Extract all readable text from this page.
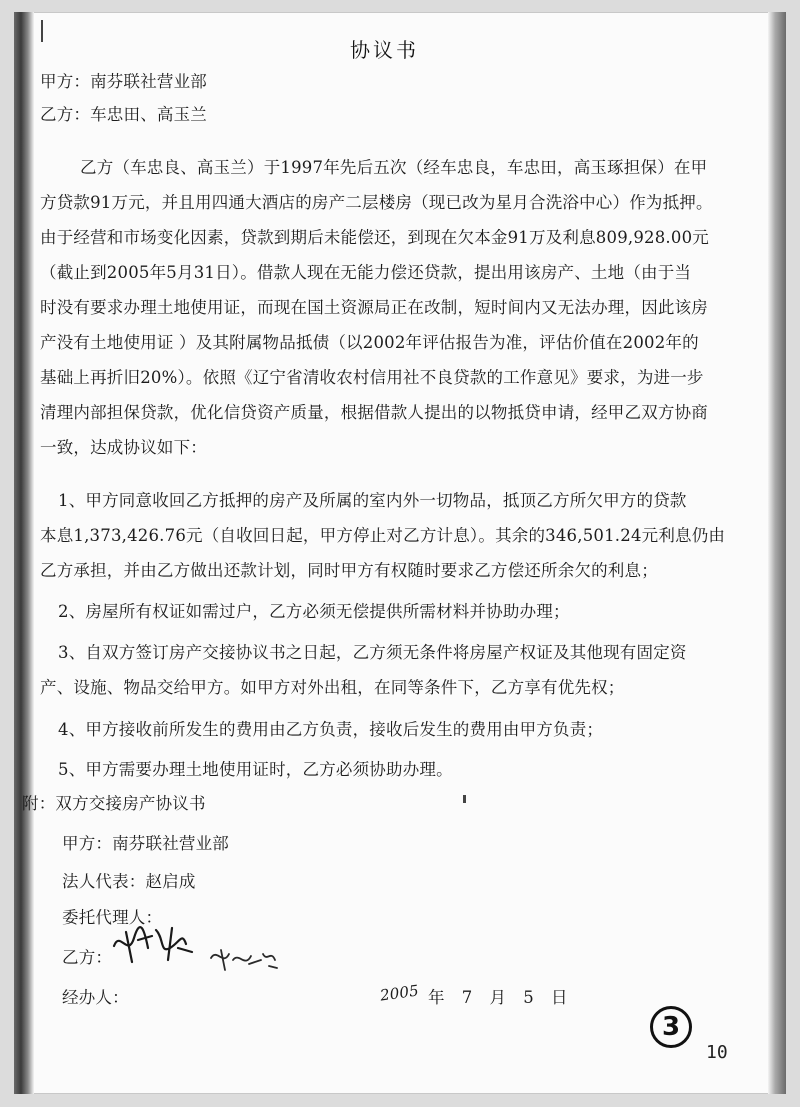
协议书
甲方：南芬联社营业部
乙方：车忠田、高玉兰
乙方（车忠良、高玉兰）于1997年先后五次（经车忠良，车忠田，高玉琢担保）在甲
方贷款91万元，并且用四通大酒店的房产二层楼房（现已改为星月合洗浴中心）作为抵押。
由于经营和市场变化因素，贷款到期后未能偿还，到现在欠本金91万及利息809,928.00元
（截止到2005年5月31日）。借款人现在无能力偿还贷款，提出用该房产、土地（由于当
时没有要求办理土地使用证，而现在国土资源局正在改制，短时间内又无法办理，因此该房
产没有土地使用证 ）及其附属物品抵债（以2002年评估报告为准，评估价值在2002年的
基础上再折旧20%）。依照《辽宁省清收农村信用社不良贷款的工作意见》要求，为进一步
清理内部担保贷款，优化信贷资产质量，根据借款人提出的以物抵贷申请，经甲乙双方协商
一致，达成协议如下：
1、甲方同意收回乙方抵押的房产及所属的室内外一切物品，抵顶乙方所欠甲方的贷款
本息1,373,426.76元（自收回日起，甲方停止对乙方计息）。其余的346,501.24元利息仍由
乙方承担，并由乙方做出还款计划，同时甲方有权随时要求乙方偿还所余欠的利息；
2、房屋所有权证如需过户，乙方必须无偿提供所需材料并协助办理；
3、自双方签订房产交接协议书之日起，乙方须无条件将房屋产权证及其他现有固定资
产、设施、物品交给甲方。如甲方对外出租，在同等条件下，乙方享有优先权；
4、甲方接收前所发生的费用由乙方负责，接收后发生的费用由甲方负责；
5、甲方需要办理土地使用证时，乙方必须协助办理。
附：双方交接房产协议书
甲方：南芬联社营业部
法人代表：赵启成
委托代理人：
乙方：
经办人：	2005 年 7 月 5 日
3
10
